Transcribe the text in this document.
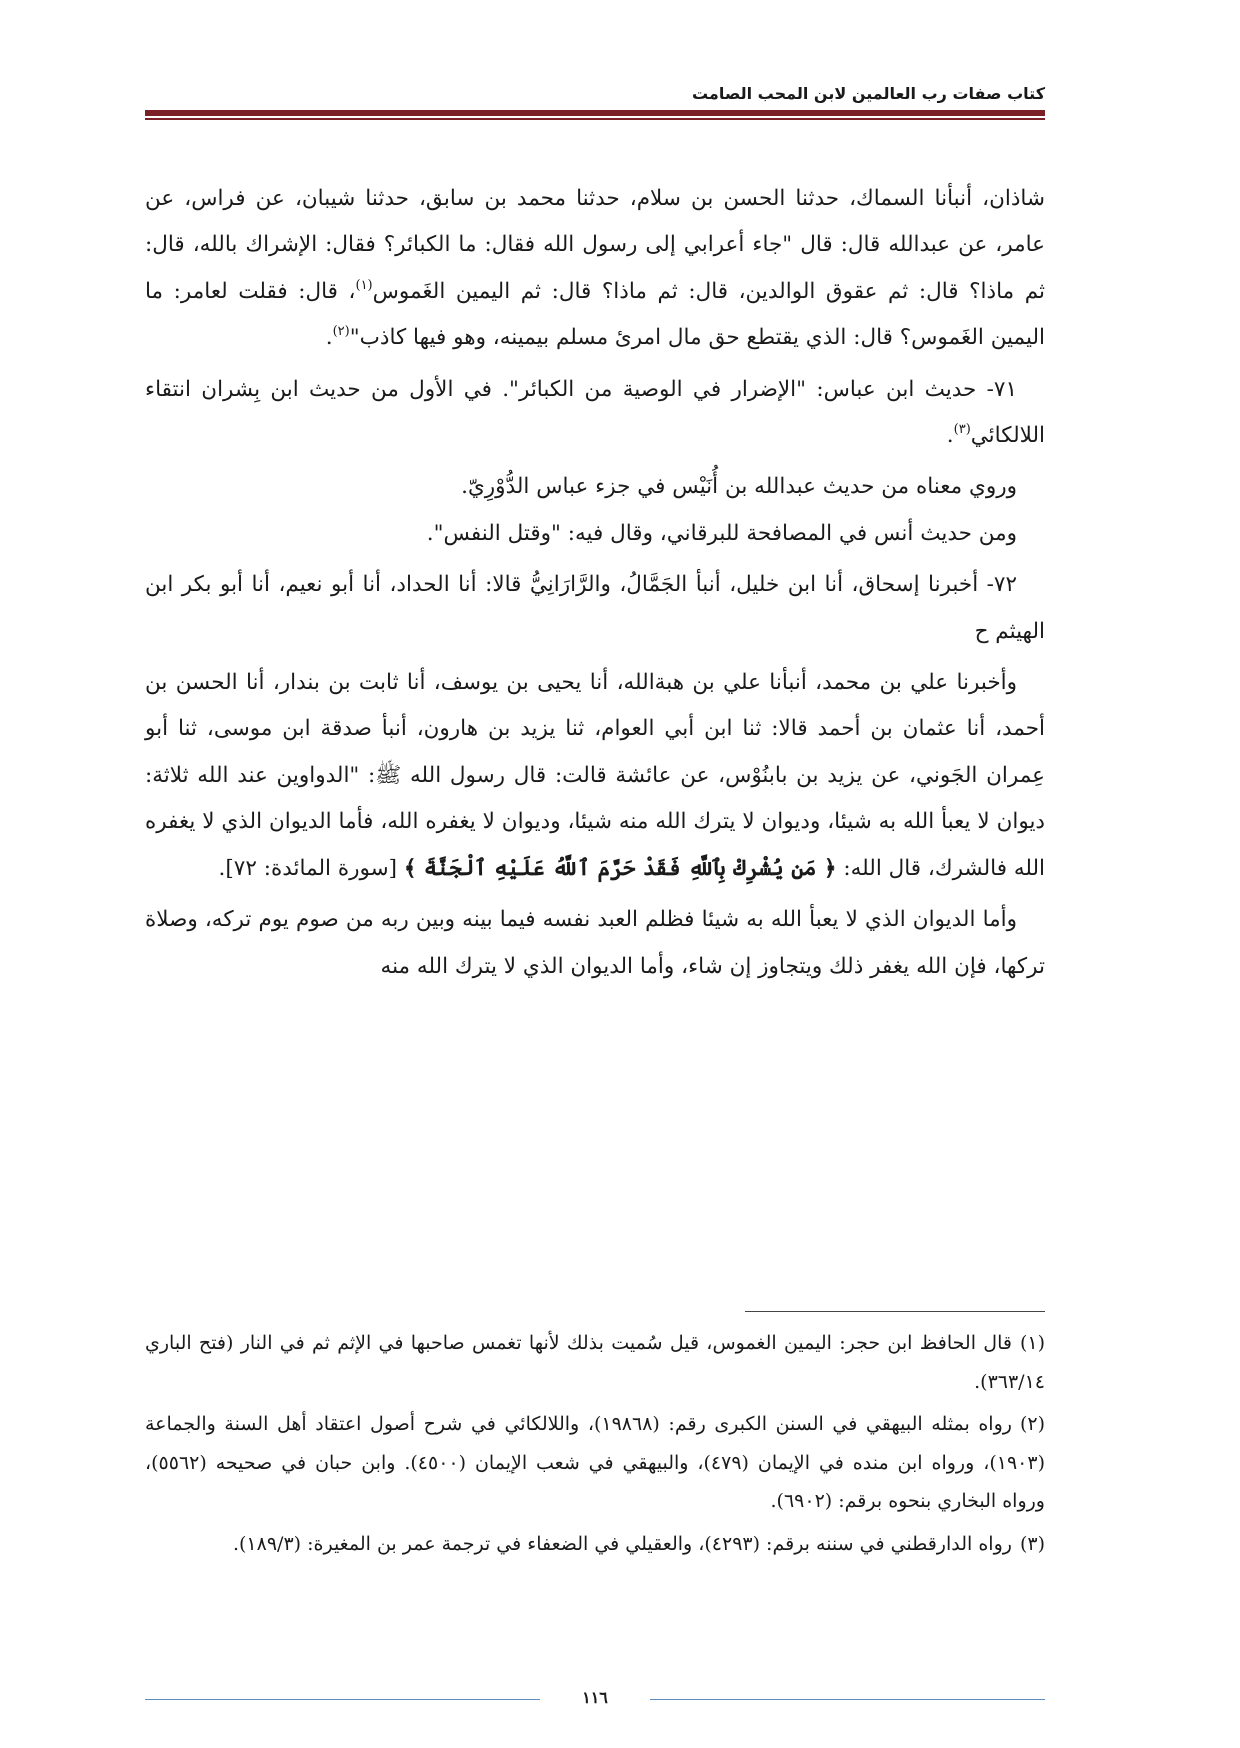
كتاب صفات رب العالمين لابن المحب الصامت

شاذان، أنبأنا السماك، حدثنا الحسن بن سلام، حدثنا محمد بن سابق، حدثنا شيبان، عن فراس، عن عامر، عن عبدالله قال: قال "جاء أعرابي إلى رسول الله فقال: ما الكبائر؟ فقال: الإشراك بالله، قال: ثم ماذا؟ قال: ثم عقوق الوالدين، قال: ثم ماذا؟ قال: ثم اليمين الغَموس$^{(١)}$، قال: فقلت لعامر: ما اليمين الغَموس؟ قال: الذي يقتطع حق مال امرئ مسلم بيمينه، وهو فيها كاذب"$^{(٢)}$.

٧١- حديث ابن عباس: "الإضرار في الوصية من الكبائر". في الأول من حديث ابن بِشران انتقاء اللالكائي$^{(٣)}$.

وروي معناه من حديث عبدالله بن أُنَيْس في جزء عباس الدُّوْرِيّ.

ومن حديث أنس في المصافحة للبرقاني، وقال فيه: "وقتل النفس".

٧٢- أخبرنا إسحاق، أنا ابن خليل، أنبأ الجَمَّالُ، والرَّارَانِيُّ قالا: أنا الحداد، أنا أبو نعيم، أنا أبو بكر ابن الهيثم ح

وأخبرنا علي بن محمد، أنبأنا علي بن هبةالله، أنا يحيى بن يوسف، أنا ثابت بن بندار، أنا الحسن بن أحمد، أنا عثمان بن أحمد قالا: ثنا ابن أبي العوام، ثنا يزيد بن هارون، أنبأ صدقة ابن موسى، ثنا أبو عِمران الجَوني، عن يزيد بن بابنُوْس، عن عائشة قالت: قال رسول الله ﷺ: "الدواوين عند الله ثلاثة: ديوان لا يعبأ الله به شيئا، وديوان لا يترك الله منه شيئا، وديوان لا يغفره الله، فأما الديوان الذي لا يغفره الله فالشرك، قال الله: ﴿ مَن يُشْرِكْ بِٱللَّهِ فَقَدْ حَرَّمَ ٱللَّهُ عَلَيْهِ ٱلْجَنَّةَ ﴾ [سورة المائدة: ٧٢].

وأما الديوان الذي لا يعبأ الله به شيئا فظلم العبد نفسه فيما بينه وبين ربه من صوم يوم تركه، وصلاة تركها، فإن الله يغفر ذلك ويتجاوز إن شاء، وأما الديوان الذي لا يترك الله منه

(١)قال الحافظ ابن حجر: اليمين الغموس، قيل سُميت بذلك لأنها تغمس صاحبها في الإثم ثم في النار (فتح الباري ٣٦٣/١٤).

(٢)رواه بمثله البيهقي في السنن الكبرى رقم: (١٩٨٦٨)، واللالكائي في شرح أصول اعتقاد أهل السنة والجماعة (١٩٠٣)، ورواه ابن منده في الإيمان (٤٧٩)، والبيهقي في شعب الإيمان (٤٥٠٠). وابن حبان في صحيحه (٥٥٦٢)، ورواه البخاري بنحوه برقم: (٦٩٠٢).

(٣)رواه الدارقطني في سننه برقم: (٤٢٩٣)، والعقيلي في الضعفاء في ترجمة عمر بن المغيرة: (١٨٩/٣).

١١٦
